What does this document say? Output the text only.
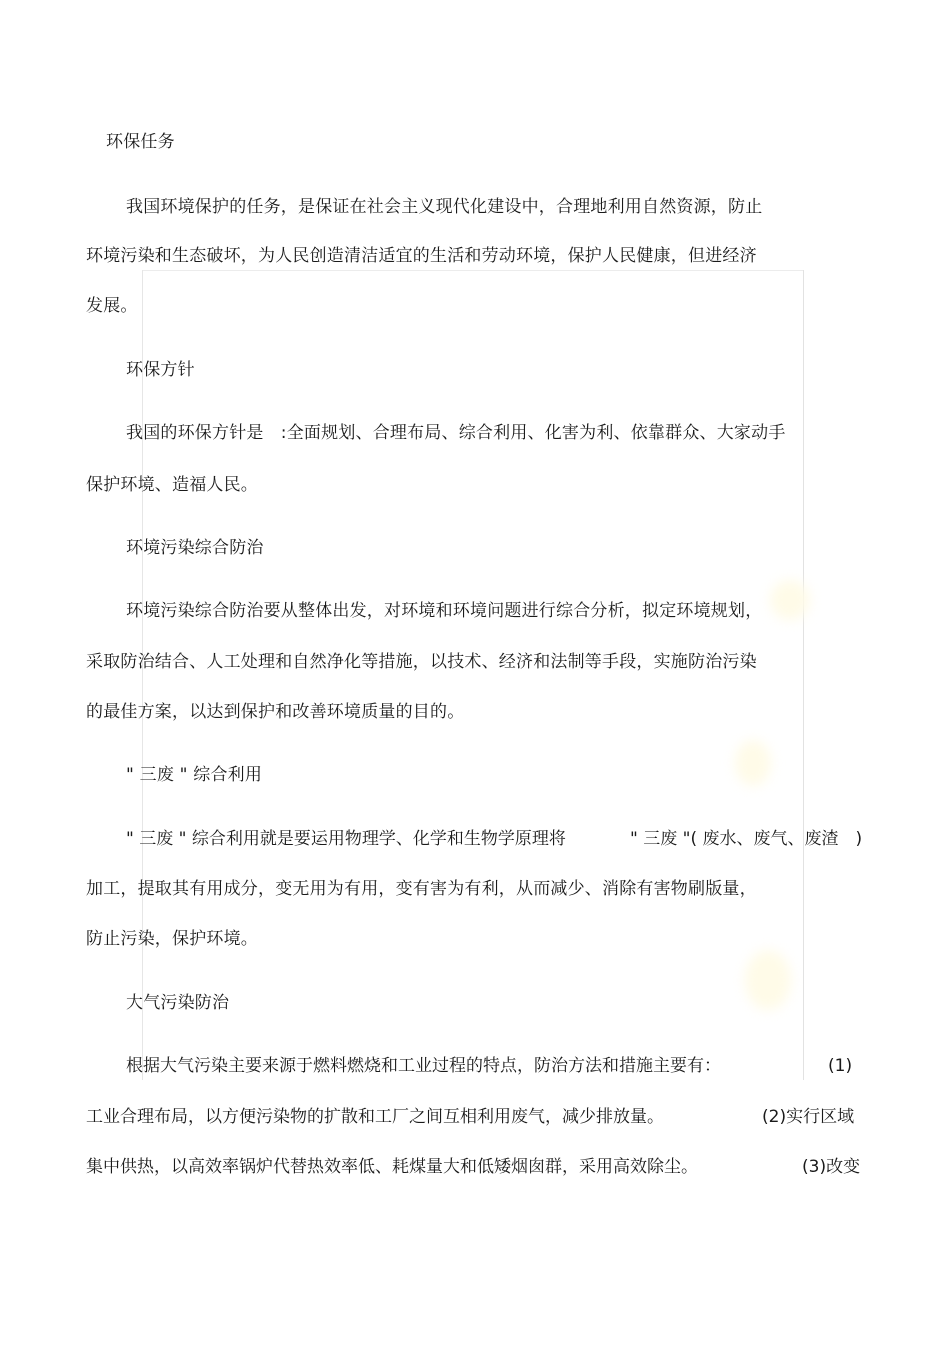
环保任务
我国环境保护的任务，是保证在社会主义现代化建设中，合理地利用自然资源，防止
环境污染和生态破坏，为人民创造清洁适宜的生活和劳动环境，保护人民健康，但进经济
发展。
环保方针
我国的环保方针是　:全面规划、合理布局、综合利用、化害为利、依靠群众、大家动手
保护环境、造福人民。
环境污染综合防治
环境污染综合防治要从整体出发，对环境和环境问题进行综合分析，拟定环境规划，
采取防治结合、人工处理和自然净化等措施，以技术、经济和法制等手段，实施防治污染
的最佳方案，以达到保护和改善环境质量的目的。
" 三废 " 综合利用
" 三废 " 综合利用就是要运用物理学、化学和生物学原理将	" 三废 "( 废水、废气、废渣　)
加工，提取其有用成分，变无用为有用，变有害为有利，从而减少、消除有害物刷版量，
防止污染，保护环境。
大气污染防治
根据大气污染主要来源于燃料燃烧和工业过程的特点，防治方法和措施主要有：	(1)
工业合理布局，以方便污染物的扩散和工厂之间互相利用废气，减少排放量。	(2)实行区域
集中供热，以高效率锅炉代替热效率低、耗煤量大和低矮烟囱群，采用高效除尘。	(3)改变
